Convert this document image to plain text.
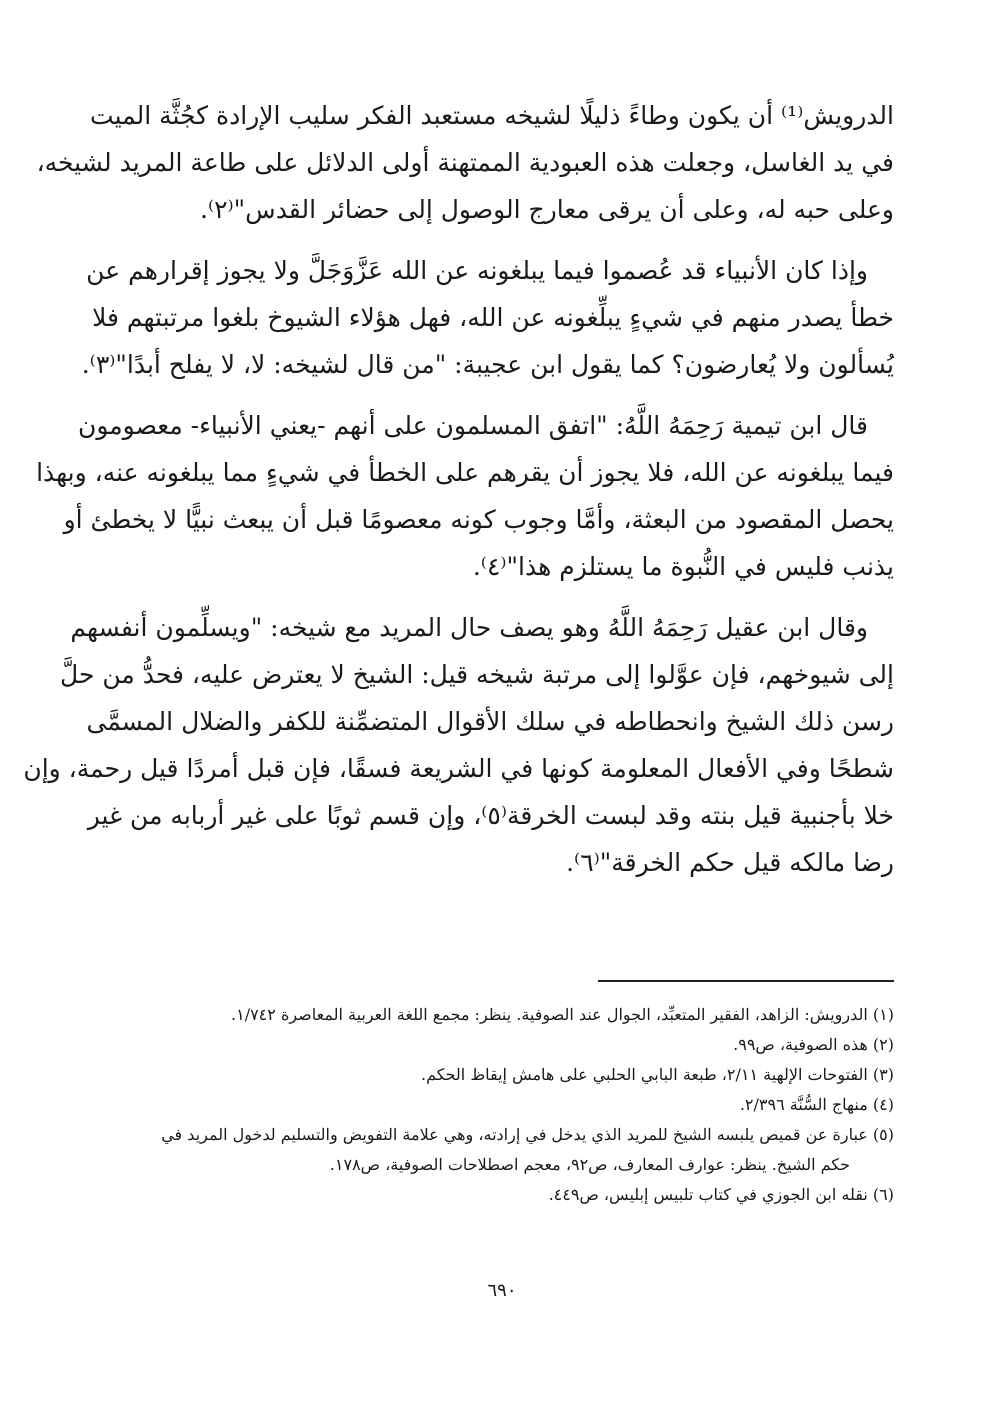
الدرويش⁽¹⁾ أن يكون وطاءً ذليلًا لشيخه مستعبد الفكر سليب الإرادة كجُثَّة الميت
في يد الغاسل، وجعلت هذه العبودية الممتهنة أولى الدلائل على طاعة المريد لشيخه،
وعلى حبه له، وعلى أن يرقى معارج الوصول إلى حضائر القدس"⁽٢⁾.

وإذا كان الأنبياء قد عُصموا فيما يبلغونه عن الله عَزَّوَجَلَّ ولا يجوز إقرارهم عن
خطأ يصدر منهم في شيءٍ يبلِّغونه عن الله، فهل هؤلاء الشيوخ بلغوا مرتبتهم فلا
يُسألون ولا يُعارضون؟ كما يقول ابن عجيبة: "من قال لشيخه: لا، لا يفلح أبدًا"⁽٣⁾.

قال ابن تيمية رَحِمَهُ اللَّهُ: "اتفق المسلمون على أنهم -يعني الأنبياء- معصومون
فيما يبلغونه عن الله، فلا يجوز أن يقرهم على الخطأ في شيءٍ مما يبلغونه عنه، وبهذا
يحصل المقصود من البعثة، وأمَّا وجوب كونه معصومًا قبل أن يبعث نبيًّا لا يخطئ أو
يذنب فليس في النُّبوة ما يستلزم هذا"⁽٤⁾.

وقال ابن عقيل رَحِمَهُ اللَّهُ وهو يصف حال المريد مع شيخه: "ويسلِّمون أنفسهم
إلى شيوخهم، فإن عوَّلوا إلى مرتبة شيخه قيل: الشيخ لا يعترض عليه، فحدُّ من حلَّ
رسن ذلك الشيخ وانحطاطه في سلك الأقوال المتضمِّنة للكفر والضلال المسمَّى
شطحًا وفي الأفعال المعلومة كونها في الشريعة فسقًا، فإن قبل أمردًا قيل رحمة، وإن
خلا بأجنبية قيل بنته وقد لبست الخرقة⁽٥⁾، وإن قسم ثوبًا على غير أربابه من غير
رضا مالكه قيل حكم الخرقة"⁽٦⁾.

(١) الدرويش: الزاهد، الفقير المتعبِّد، الجوال عند الصوفية. ينظر: مجمع اللغة العربية المعاصرة ١/٧٤٢.

(٢) هذه الصوفية، ص٩٩.

(٣) الفتوحات الإلهية ٢/١١، طبعة البابي الحلبي على هامش إيقاظ الحكم.

(٤) منهاج السُّنَّة ٢/٣٩٦.

(٥) عبارة عن قميص يلبسه الشيخ للمريد الذي يدخل في إرادته، وهي علامة التفويض والتسليم لدخول المريد في

حكم الشيخ. ينظر: عوارف المعارف، ص٩٢، معجم اصطلاحات الصوفية، ص١٧٨.

(٦) نقله ابن الجوزي في كتاب تلبيس إبليس، ص٤٤٩.

٦٩٠
